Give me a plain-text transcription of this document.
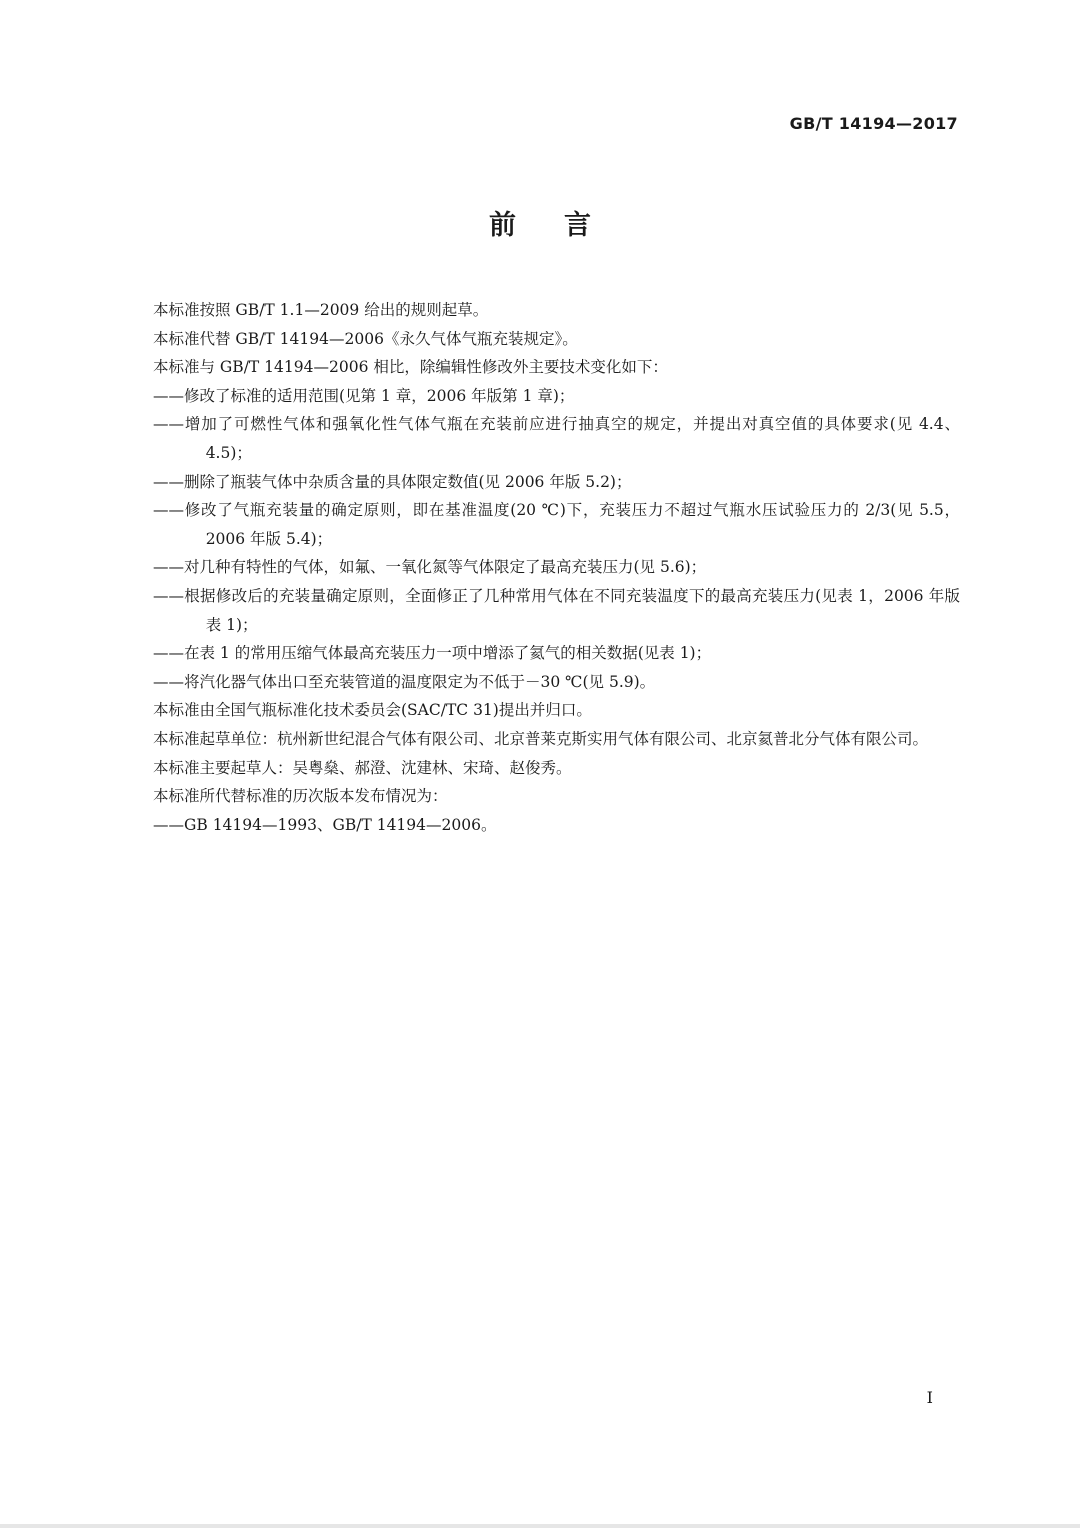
GB/T 14194—2017
前言

本标准按照 GB/T 1.1—2009 给出的规则起草。

本标准代替 GB/T 14194—2006《永久气体气瓶充装规定》。

本标准与 GB/T 14194—2006 相比，除编辑性修改外主要技术变化如下：

——修改了标准的适用范围(见第 1 章，2006 年版第 1 章)；

——增加了可燃性气体和强氧化性气体气瓶在充装前应进行抽真空的规定，并提出对真空值的具体要求(见 4.4、4.5)；

——删除了瓶装气体中杂质含量的具体限定数值(见 2006 年版 5.2)；

——修改了气瓶充装量的确定原则，即在基准温度(20 ℃)下，充装压力不超过气瓶水压试验压力的 2/3(见 5.5，2006 年版 5.4)；

——对几种有特性的气体，如氟、一氧化氮等气体限定了最高充装压力(见 5.6)；

——根据修改后的充装量确定原则，全面修正了几种常用气体在不同充装温度下的最高充装压力(见表 1，2006 年版表 1)；

——在表 1 的常用压缩气体最高充装压力一项中增添了氦气的相关数据(见表 1)；

——将汽化器气体出口至充装管道的温度限定为不低于－30 ℃(见 5.9)。

本标准由全国气瓶标准化技术委员会(SAC/TC 31)提出并归口。

本标准起草单位：杭州新世纪混合气体有限公司、北京普莱克斯实用气体有限公司、北京氦普北分气体有限公司。

本标准主要起草人：吴粤燊、郝澄、沈建林、宋琦、赵俊秀。

本标准所代替标准的历次版本发布情况为：

——GB 14194—1993、GB/T 14194—2006。

I
